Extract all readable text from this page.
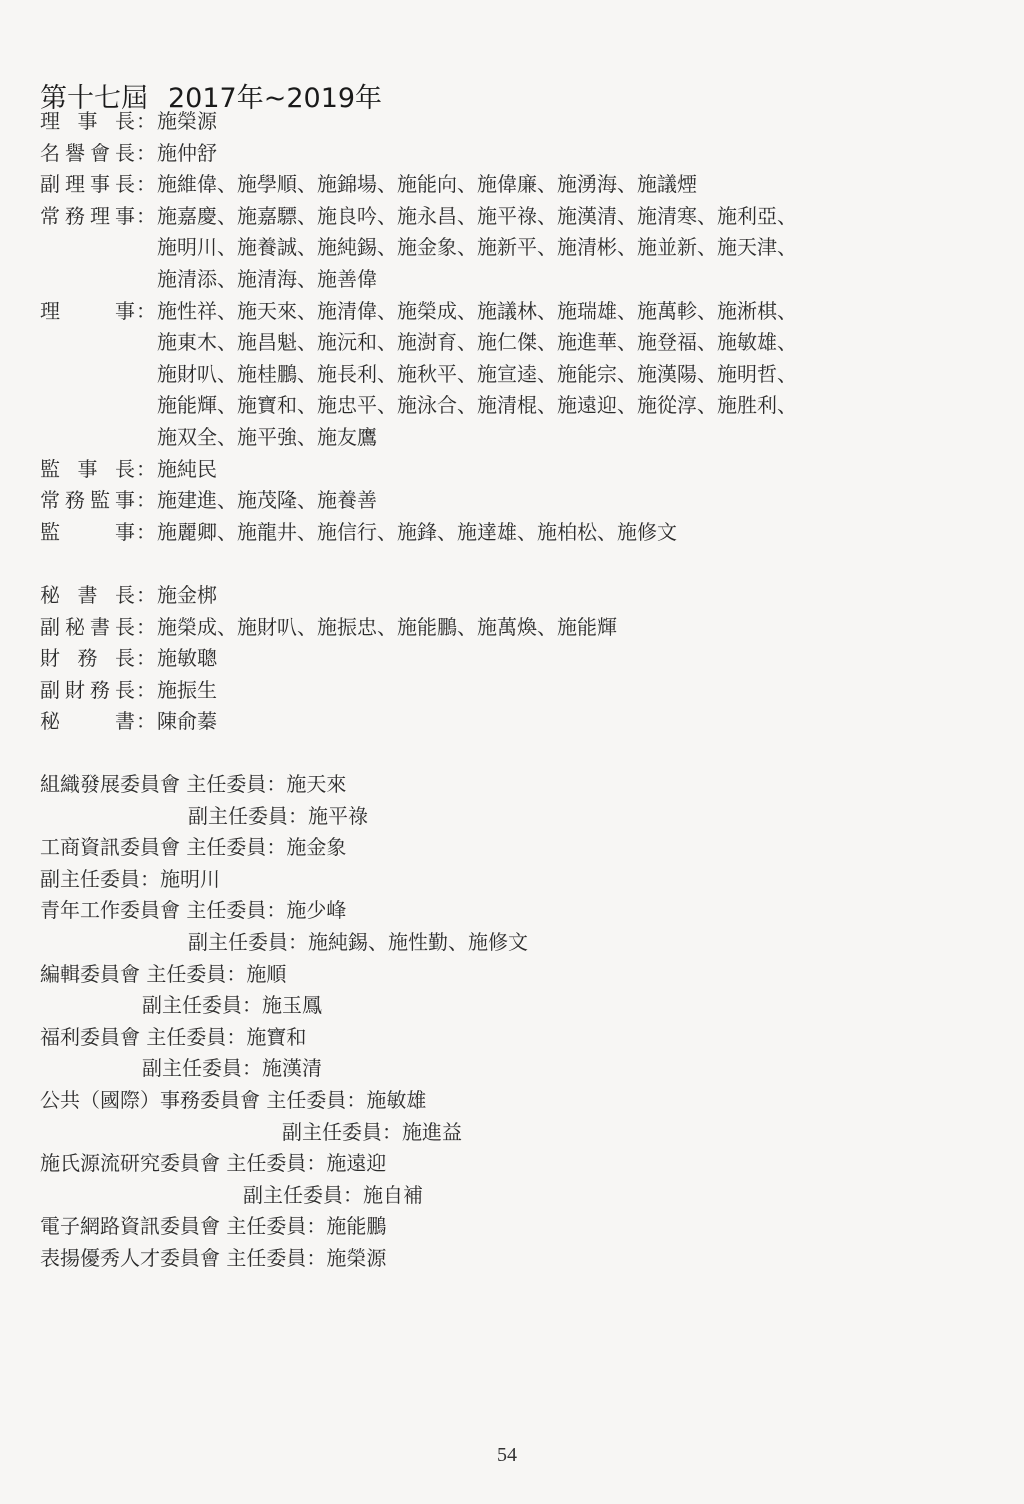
第十七屆 2017年~2019年
理 事 長 ： 施榮源
名 譽 會 長 ： 施仲舒
副 理 事 長 ： 施維偉、施學順、施錦場、施能向、施偉廉、施湧海、施議煙
常 務 理 事 ： 施嘉慶、施嘉驃、施良吟、施永昌、施平祿、施漢清、施清寒、施利亞、
施明川、施養誠、施純錫、施金象、施新平、施清彬、施並新、施天津、
施清添、施清海、施善偉
理	事 ： 施性祥、施天來、施清偉、施榮成、施議林、施瑞雄、施萬軫、施淅棋、
施東木、施昌魁、施沅和、施澍育、施仁傑、施進華、施登福、施敏雄、
施財叭、施桂鵬、施長利、施秋平、施宣逵、施能宗、施漢陽、施明哲、
施能輝、施寶和、施忠平、施泳合、施清棍、施遠迎、施從淳、施胜利、
施双全、施平強、施友鷹
監 事 長 ： 施純民
常 務 監 事 ： 施建進、施茂隆、施養善
監	事 ： 施麗卿、施龍井、施信行、施鋒、施達雄、施柏松、施修文
秘 書 長 ： 施金梆
副 秘 書 長 ： 施榮成、施財叭、施振忠、施能鵬、施萬煥、施能輝
財 務 長 ： 施敏聰
副 財 務 長 ： 施振生
秘	書 ： 陳俞蓁
組織發展委員會 主任委員：施天來
副主任委員：施平祿
工商資訊委員會 主任委員：施金象
副主任委員：施明川
青年工作委員會 主任委員：施少峰
副主任委員：施純錫、施性勤、施修文
編輯委員會 主任委員：施順
副主任委員：施玉鳳
福利委員會 主任委員：施寶和
副主任委員：施漢清
公共（國際）事務委員會 主任委員：施敏雄
副主任委員：施進益
施氏源流研究委員會 主任委員：施遠迎
副主任委員：施自補
電子網路資訊委員會 主任委員：施能鵬
表揚優秀人才委員會 主任委員：施榮源
54
